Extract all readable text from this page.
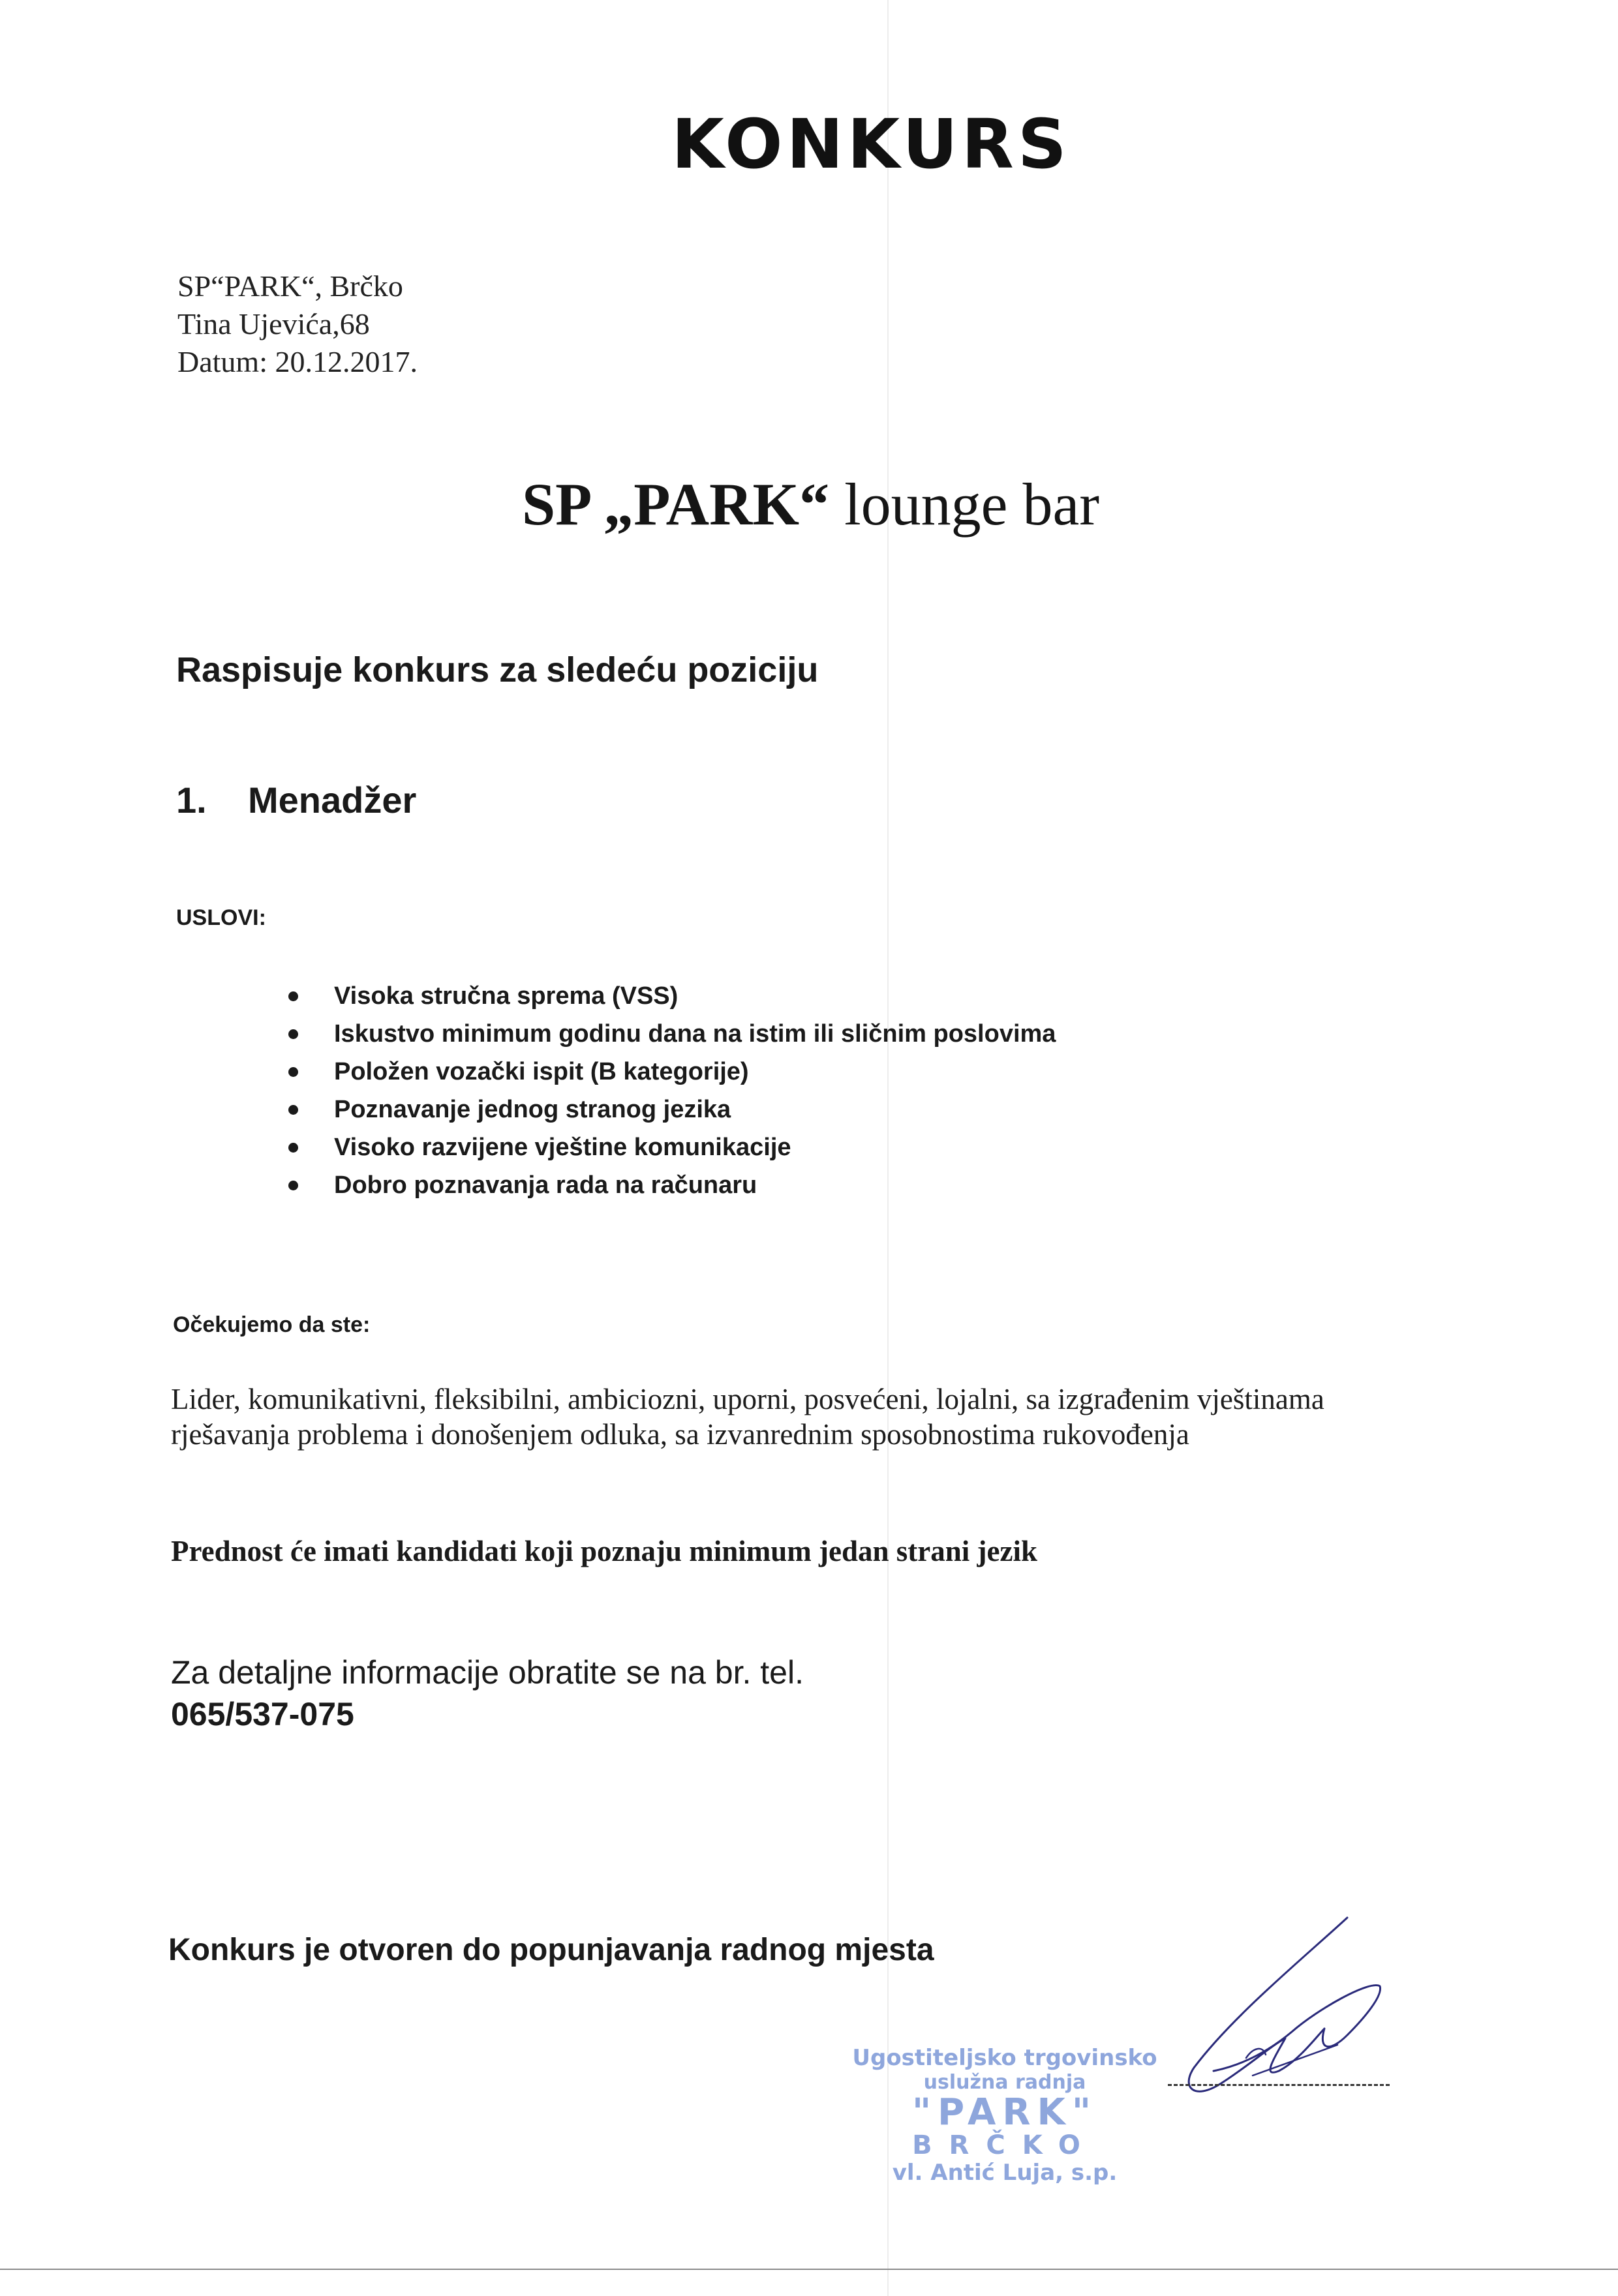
KONKURS
SP“PARK“, Brčko
Tina Ujevića,68
Datum: 20.12.2017.
SP „PARK“ lounge bar
Raspisuje konkurs za sledeću poziciju
1. Menadžer
USLOVI:
Visoka stručna sprema (VSS)
Iskustvo minimum godinu dana na istim ili sličnim poslovima
Položen vozački ispit (B kategorije)
Poznavanje jednog stranog jezika
Visoko razvijene vještine komunikacije
Dobro poznavanja rada na računaru
Očekujemo da ste:

Lider, komunikativni, fleksibilni, ambiciozni, uporni, posvećeni, lojalni, sa izgrađenim vještinama rješavanja problema i donošenjem odluka, sa izvanrednim sposobnostima rukovođenja

Prednost će imati kandidati koji poznaju minimum jedan strani jezik
Za detaljne informacije obratite se na br. tel.
065/537-075
Konkurs je otvoren do popunjavanja radnog mjesta
Ugostiteljsko trgovinsko
uslužna radnja
"PARK"
BRČKO
vl. Antić Luja, s.p.
